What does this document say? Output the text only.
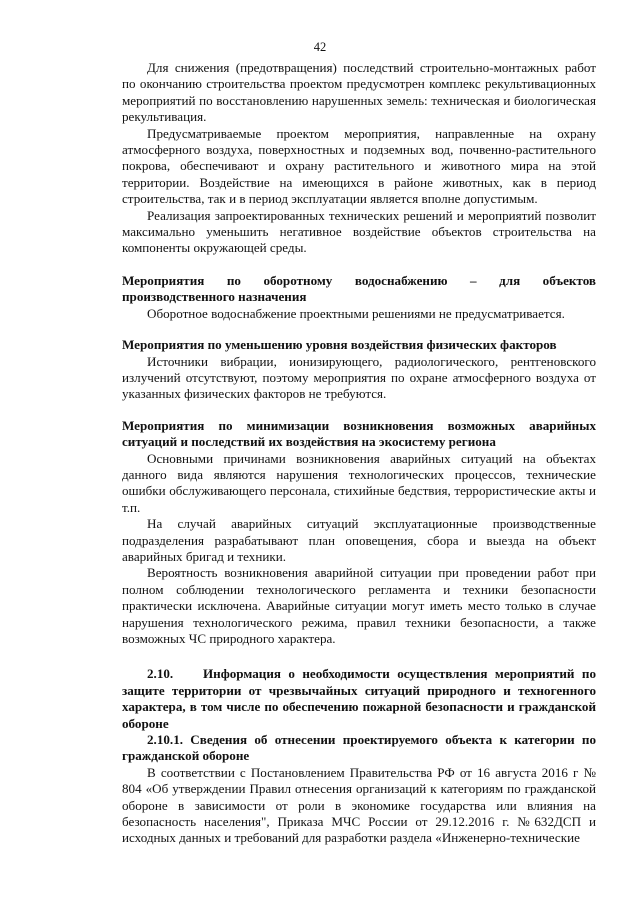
42

Для снижения (предотвращения) последствий строительно-монтажных работ по окончанию строительства проектом предусмотрен комплекс рекультивационных мероприятий по восстановлению нарушенных земель: техническая и биологическая рекультивация.

Предусматриваемые проектом мероприятия, направленные на охрану атмосферного воздуха, поверхностных и подземных вод, почвенно-растительного покрова, обеспечивают и охрану растительного и животного мира на этой территории. Воздействие на имеющихся в районе животных, как в период строительства, так и в период эксплуатации является вполне допустимым.

Реализация запроектированных технических решений и мероприятий позволит максимально уменьшить негативное воздействие объектов строительства на компоненты окружающей среды.

Мероприятия по оборотному водоснабжению – для объектов производственного назначения

Оборотное водоснабжение проектными решениями не предусматривается.

Мероприятия по уменьшению уровня воздействия физических факторов

Источники вибрации, ионизирующего, радиологического, рентгеновского излучений отсутствуют, поэтому мероприятия по охране атмосферного воздуха от указанных физических факторов не требуются.

Мероприятия по минимизации возникновения возможных аварийных ситуаций и последствий их воздействия на экосистему региона

Основными причинами возникновения аварийных ситуаций на объектах данного вида являются нарушения технологических процессов, технические ошибки обслуживающего персонала, стихийные бедствия, террористические акты и т.п.

На случай аварийных ситуаций эксплуатационные производственные подразделения разрабатывают план оповещения, сбора и выезда на объект аварийных бригад и техники.

Вероятность возникновения аварийной ситуации при проведении работ при полном соблюдении технологического регламента и техники безопасности практически исключена. Аварийные ситуации могут иметь место только в случае нарушения технологического режима, правил техники безопасности, а также возможных ЧС природного характера.

2.10.    Информация о необходимости осуществления мероприятий по защите территории от чрезвычайных ситуаций природного и техногенного характера, в том числе по обеспечению пожарной безопасности и гражданской обороне

2.10.1. Сведения об отнесении проектируемого объекта к категории по гражданской обороне

В соответствии с Постановлением Правительства РФ от 16 августа 2016 г № 804 «Об утверждении Правил отнесения организаций к категориям по гражданской обороне в зависимости от роли в экономике государства или влияния на безопасность населения", Приказа МЧС России от 29.12.2016 г. №632ДСП и исходных данных и требований для разработки раздела «Инженерно-технические
